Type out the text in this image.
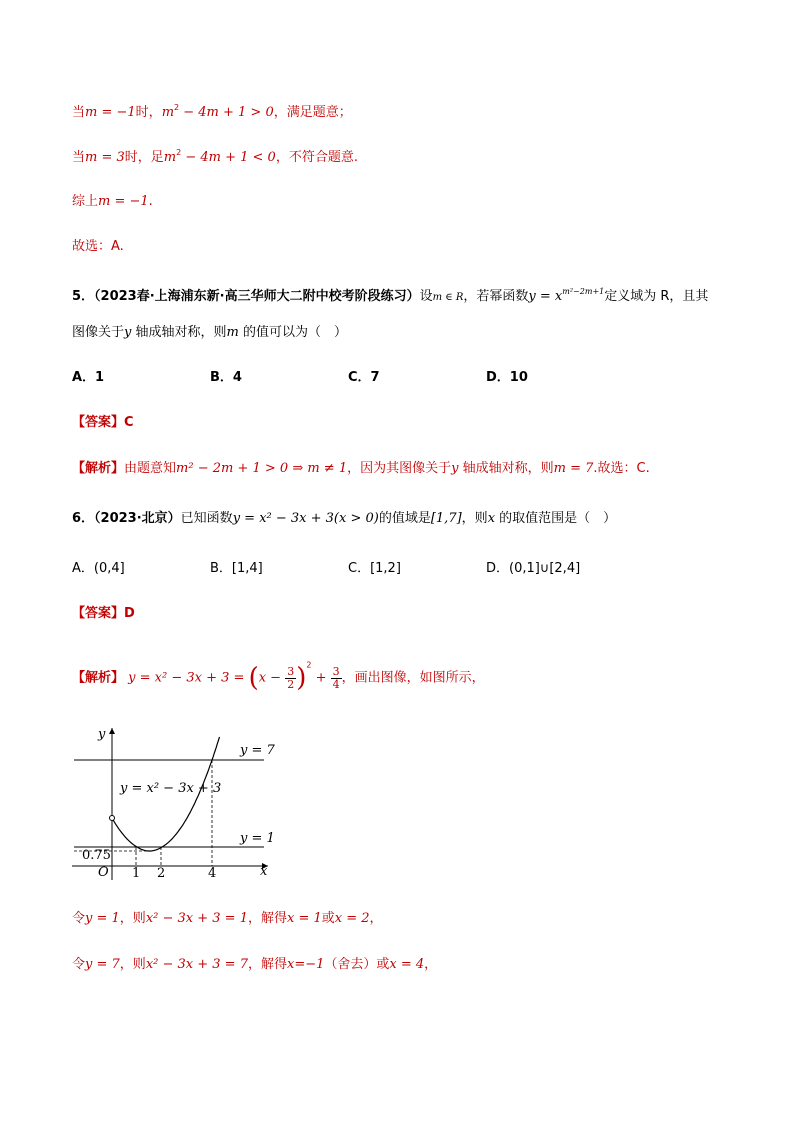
当m = −1时，$m^2 - 4m + 1 > 0$，满足题意；
当m = 3时，足$m^2 - 4m + 1 < 0$，不符合题意.
综上m = −1.
故选：A.
5．（2023春·上海浦东新·高三华师大二附中校考阶段练习）设m ∈ R，若幂函数$y = x^{m^2-2m+1}$定义域为 R，且其
图像关于y 轴成轴对称，则m 的值可以为（　）
A．1	B．4	C．7	D．10
【答案】C
【解析】由题意知m² − 2m + 1 > 0 ⇒ m ≠ 1，因为其图像关于y 轴成轴对称，则m = 7.故选：C.
6．（2023·北京）已知函数y = x² − 3x + 3(x > 0)的值域是[1,7]，则x 的取值范围是（　）
A．(0,4]	B．[1,4]	C．[1,2]	D．(0,1]∪[2,4]
【答案】D
【解析】 $y = x^2 - 3x + 3 = (x - \frac{3}{2} )^2 + \frac{3}{4}$ ，画出图像，如图所示，
y
x
O
y = 7
y = 1
y = x² − 3x + 3
0.75
1 2	4
令y = 1，则x² − 3x + 3 = 1，解得x = 1或x = 2，
令y = 7，则x² − 3x + 3 = 7，解得x=−1（舍去）或x = 4，
